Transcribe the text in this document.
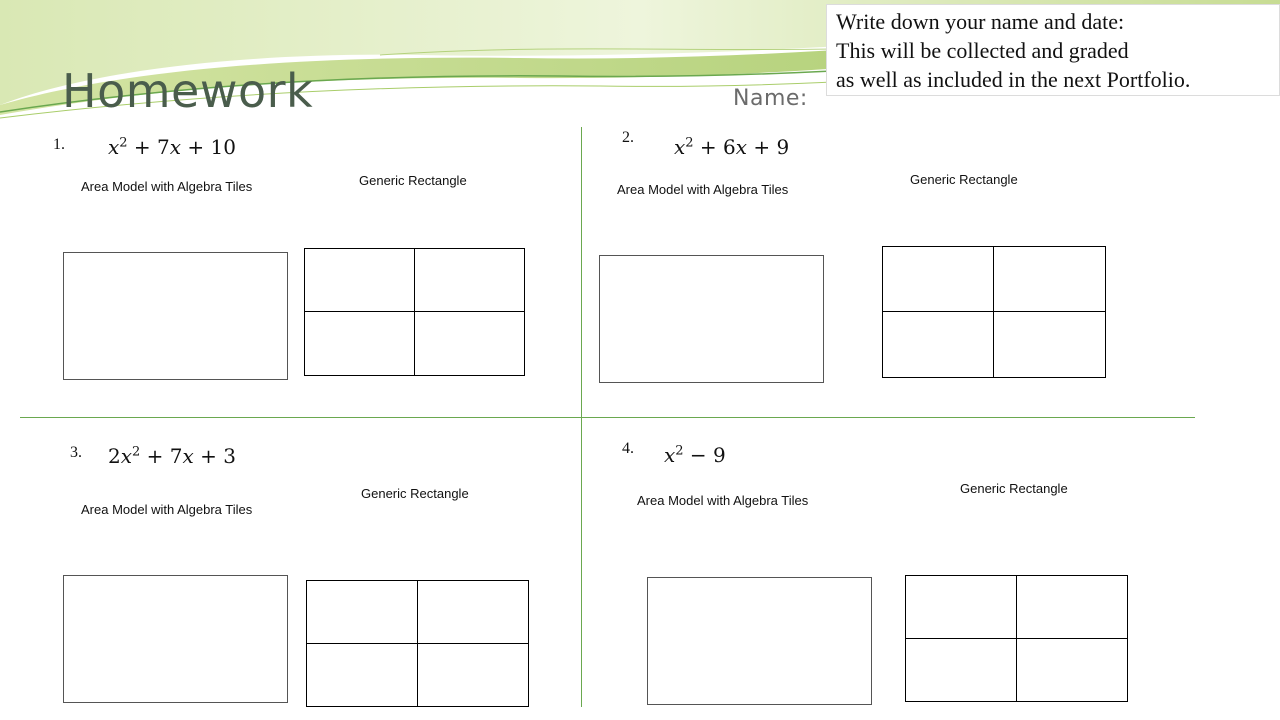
Homework	Name:
Write down your name and date:
This will be collected and graded
as well as included in the next Portfolio.
1. $x^2 + 7x + 10$
Area Model with Algebra Tiles	Generic Rectangle
2. $x^2 + 6x + 9$
Area Model with Algebra Tiles
Generic Rectangle
3. $2x^2 + 7x + 3$
Area Model with Algebra Tiles
Generic Rectangle
4. $x^2 - 9$
Area Model with Algebra Tiles
Generic Rectangle
